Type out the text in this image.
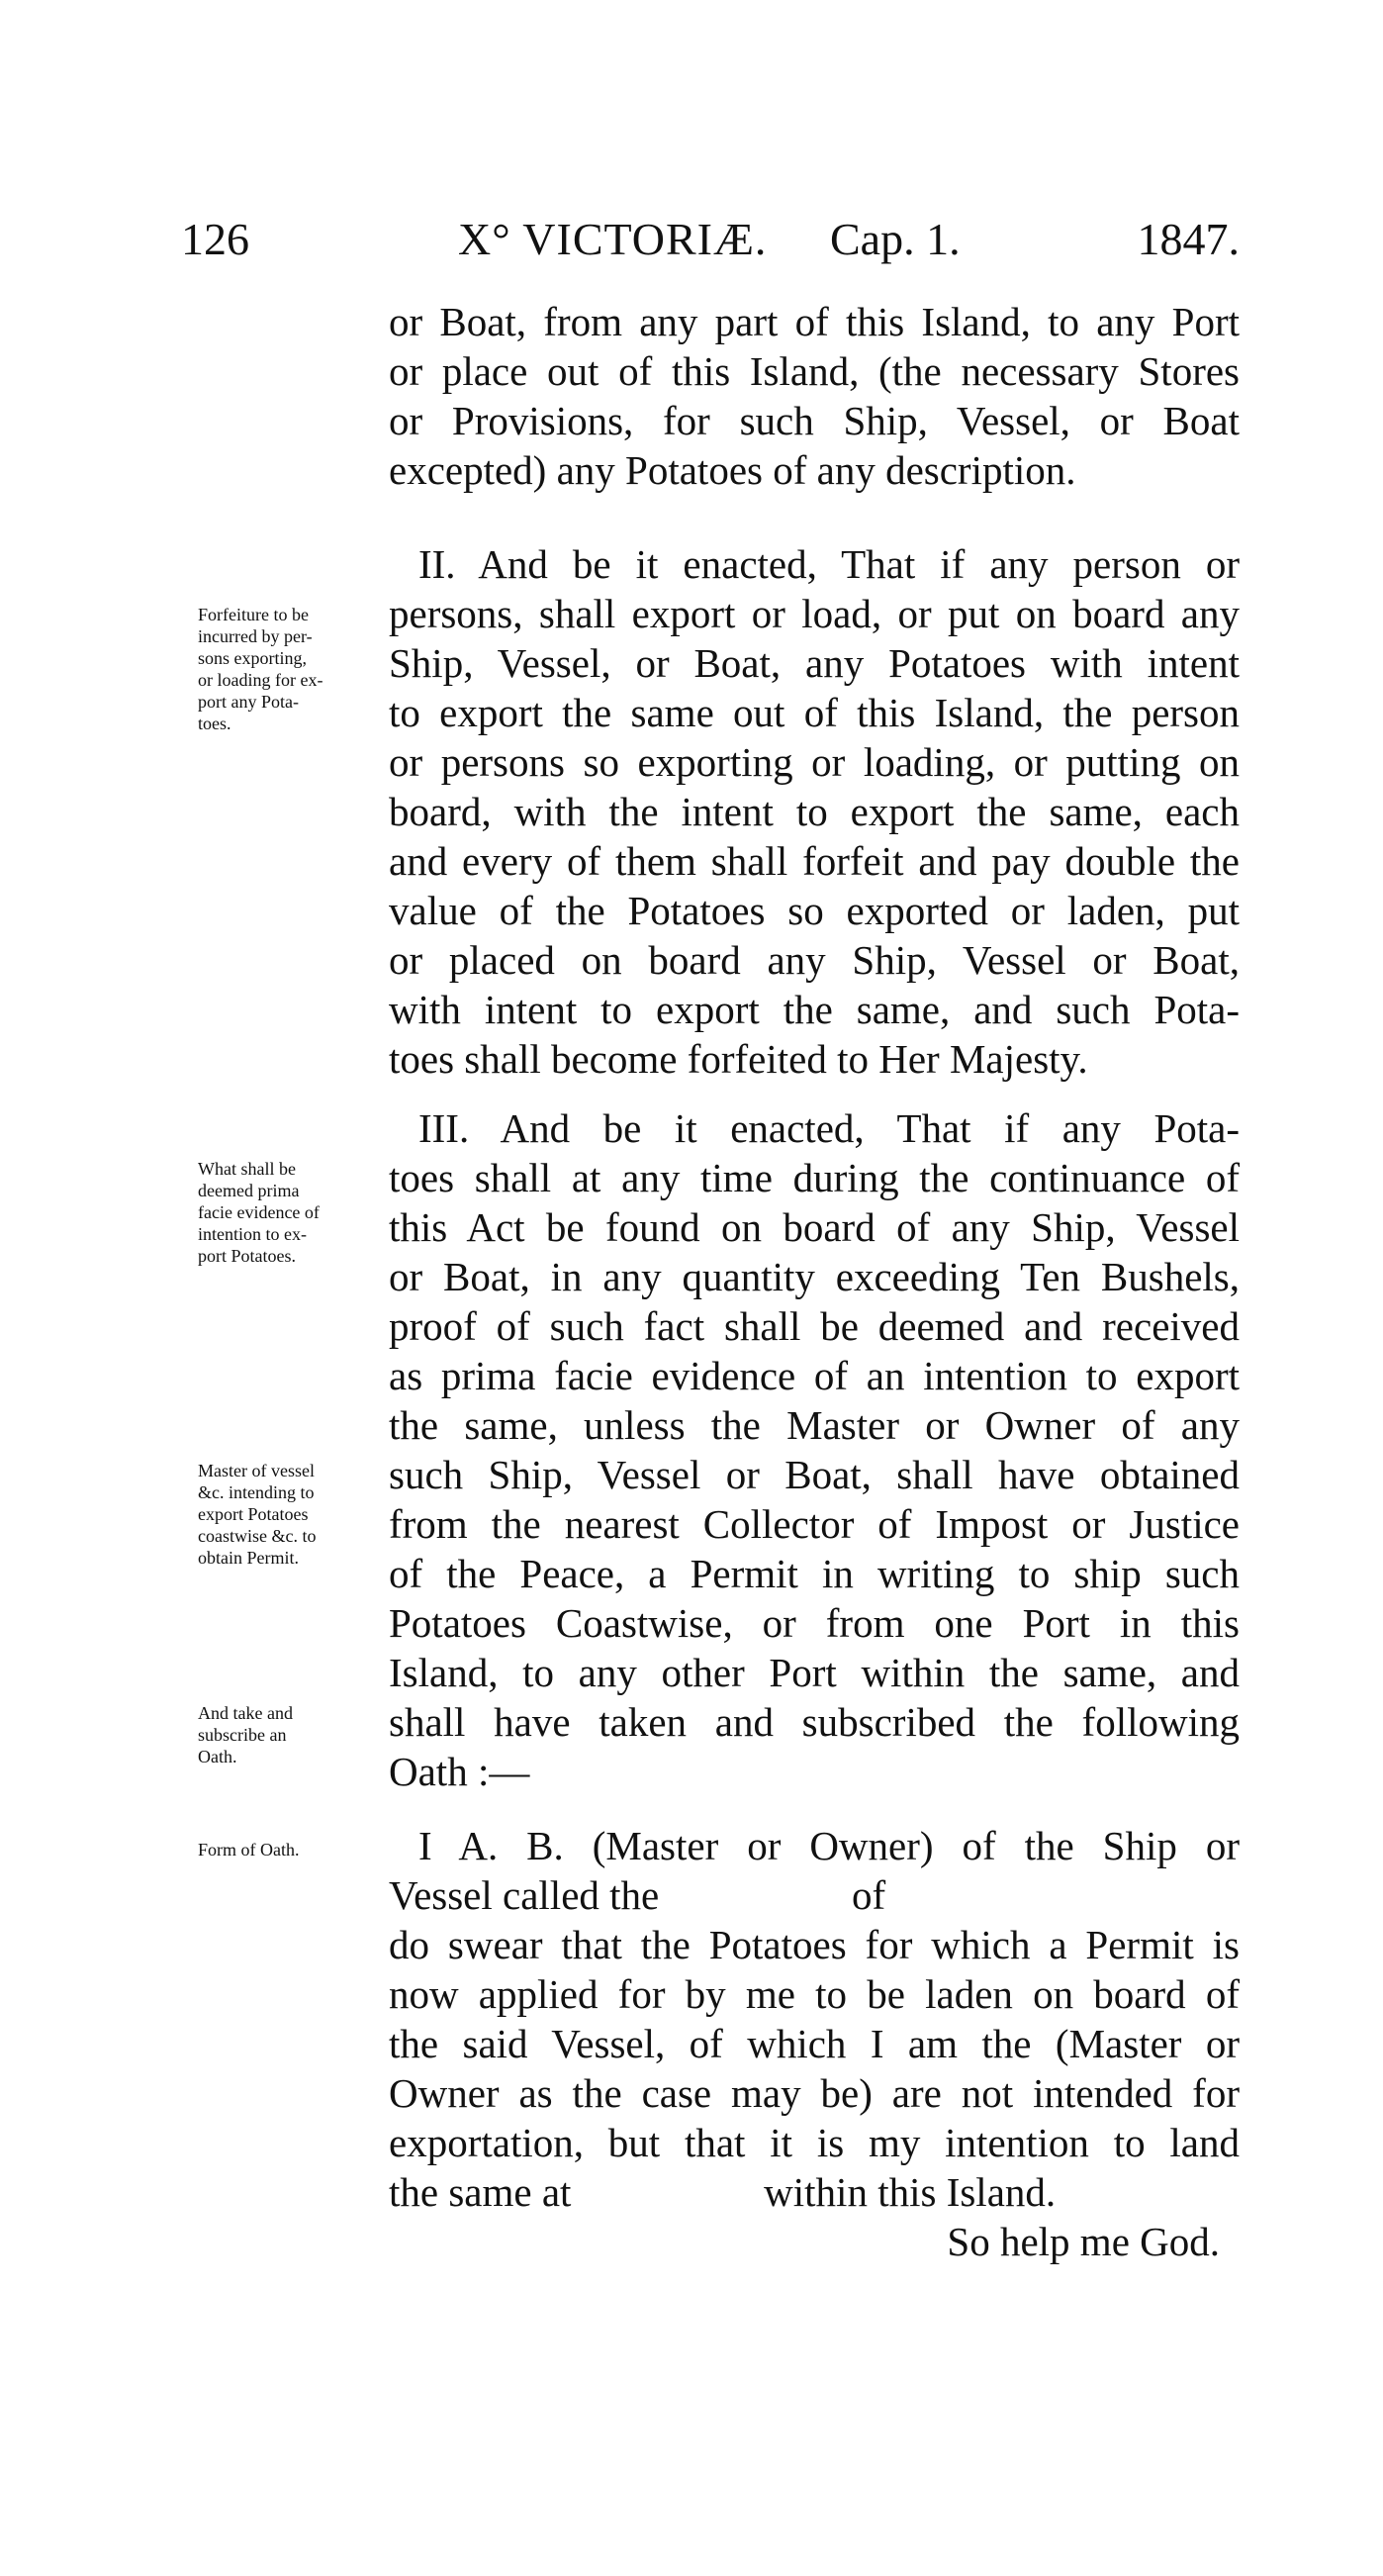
126	X° VICTORIÆ. Cap. 1.	1847.
or Boat, from any part of this Island, to any Port
or place out of this Island, (the necessary Stores
or Provisions, for such Ship, Vessel, or Boat
excepted) any Potatoes of any description.
II. And be it enacted, That if any person or
persons, shall export or load, or put on board any
Ship, Vessel, or Boat, any Potatoes with intent
to export the same out of this Island, the person
or persons so exporting or loading, or putting on
board, with the intent to export the same, each
and every of them shall forfeit and pay double the
value of the Potatoes so exported or laden, put
or placed on board any Ship, Vessel or Boat,
with intent to export the same, and such Pota-
toes shall become forfeited to Her Majesty.
III. And be it enacted, That if any Pota-
toes shall at any time during the continuance of
this Act be found on board of any Ship, Vessel
or Boat, in any quantity exceeding Ten Bushels,
proof of such fact shall be deemed and received
as prima facie evidence of an intention to export
the same, unless the Master or Owner of any
such Ship, Vessel or Boat, shall have obtained
from the nearest Collector of Impost or Justice
of the Peace, a Permit in writing to ship such
Potatoes Coastwise, or from one Port in this
Island, to any other Port within the same, and
shall have taken and subscribed the following
Oath :—
I A. B. (Master or Owner) of the Ship or
Vessel called the                   of
do swear that the Potatoes for which a Permit is
now applied for by me to be laden on board of
the said Vessel, of which I am the (Master or
Owner as the case may be) are not intended for
exportation, but that it is my intention to land
the same at                   within this Island.
So help me God.
Forfeiture to be
incurred by per-
sons exporting,
or loading for ex-
port any Pota-
toes.
What shall be
deemed prima
facie evidence of
intention to ex-
port Potatoes.
Master of vessel
&c. intending to
export Potatoes
coastwise &c. to
obtain Permit.
And take and
subscribe an
Oath.
Form of Oath.
